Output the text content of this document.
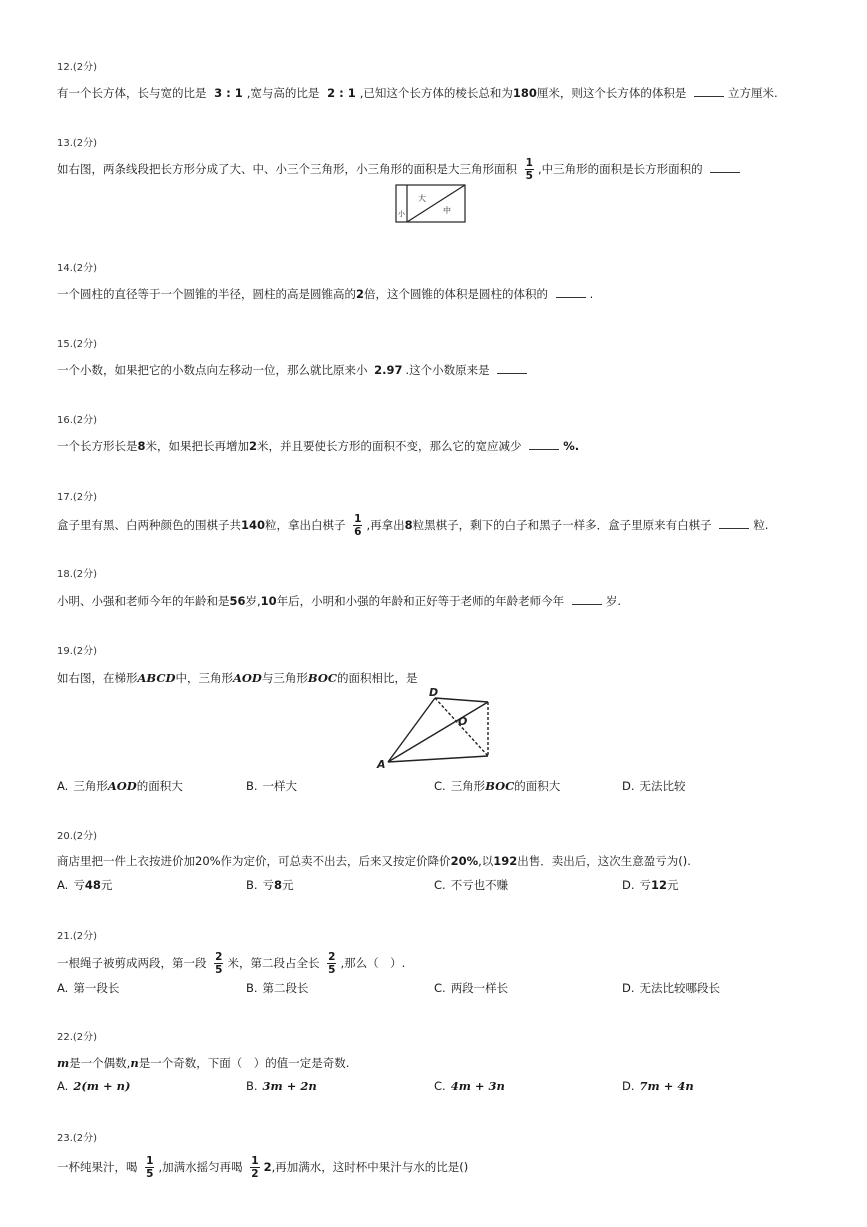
12.(2分)
有一个长方体，长与宽的比是 3 : 1 ,宽与高的比是 2 : 1 ,已知这个长方体的棱长总和为180厘米，则这个长方体的体积是	立方厘米.
13.(2分)
如右图，两条线段把长方形分成了大、中、小三个三角形，小三角形的面积是大三角形面积 $\frac{1}{5}$ ,中三角形的面积是长方形面积的
大
中
小
14.(2分)
一个圆柱的直径等于一个圆锥的半径，圆柱的高是圆锥高的2倍，这个圆锥的体积是圆柱的体积的	.
15.(2分)
一个小数，如果把它的小数点向左移动一位，那么就比原来小 2.97 .这个小数原来是
16.(2分)
一个长方形长是8米，如果把长再增加2米，并且要使长方形的面积不变，那么它的宽应减少	%.
17.(2分)
盒子里有黑、白两种颜色的围棋子共140粒，拿出白棋子 $\frac{1}{6}$ ,再拿出8粒黑棋子，剩下的白子和黑子一样多．盒子里原来有白棋子	粒.
18.(2分)
小明、小强和老师今年的年龄和是56岁,10年后，小明和小强的年龄和正好等于老师的年龄老师今年	岁.
19.(2分)
如右图，在梯形ABCD中，三角形AOD与三角形BOC的面积相比，是
D
O
A
A. 三角形AOD的面积大	B. 一样大	C. 三角形BOC的面积大	D. 无法比较
20.(2分)
商店里把一件上衣按进价加20%作为定价，可总卖不出去，后来又按定价降价20%,以192出售．卖出后，这次生意盈亏为().
A. 亏48元	B. 亏8元	C. 不亏也不赚	D. 亏12元
21.(2分)
一根绳子被剪成两段，第一段 $\frac{2}{5}$ 米，第二段占全长 $\frac{2}{5}$ ,那么（　）.
A. 第一段长	B. 第二段长	C. 两段一样长	D. 无法比较哪段长
22.(2分)
m是一个偶数,n是一个奇数，下面（　）的值一定是奇数.
A. 2(m + n)	B. 3m + 2n	C. 4m + 3n	D. 7m + 4n
23.(2分)
一杯纯果汁，喝 $\frac{1}{5}$ ,加满水摇匀再喝 $\frac{1}{2} 2$,再加满水，这时杯中果汁与水的比是()
